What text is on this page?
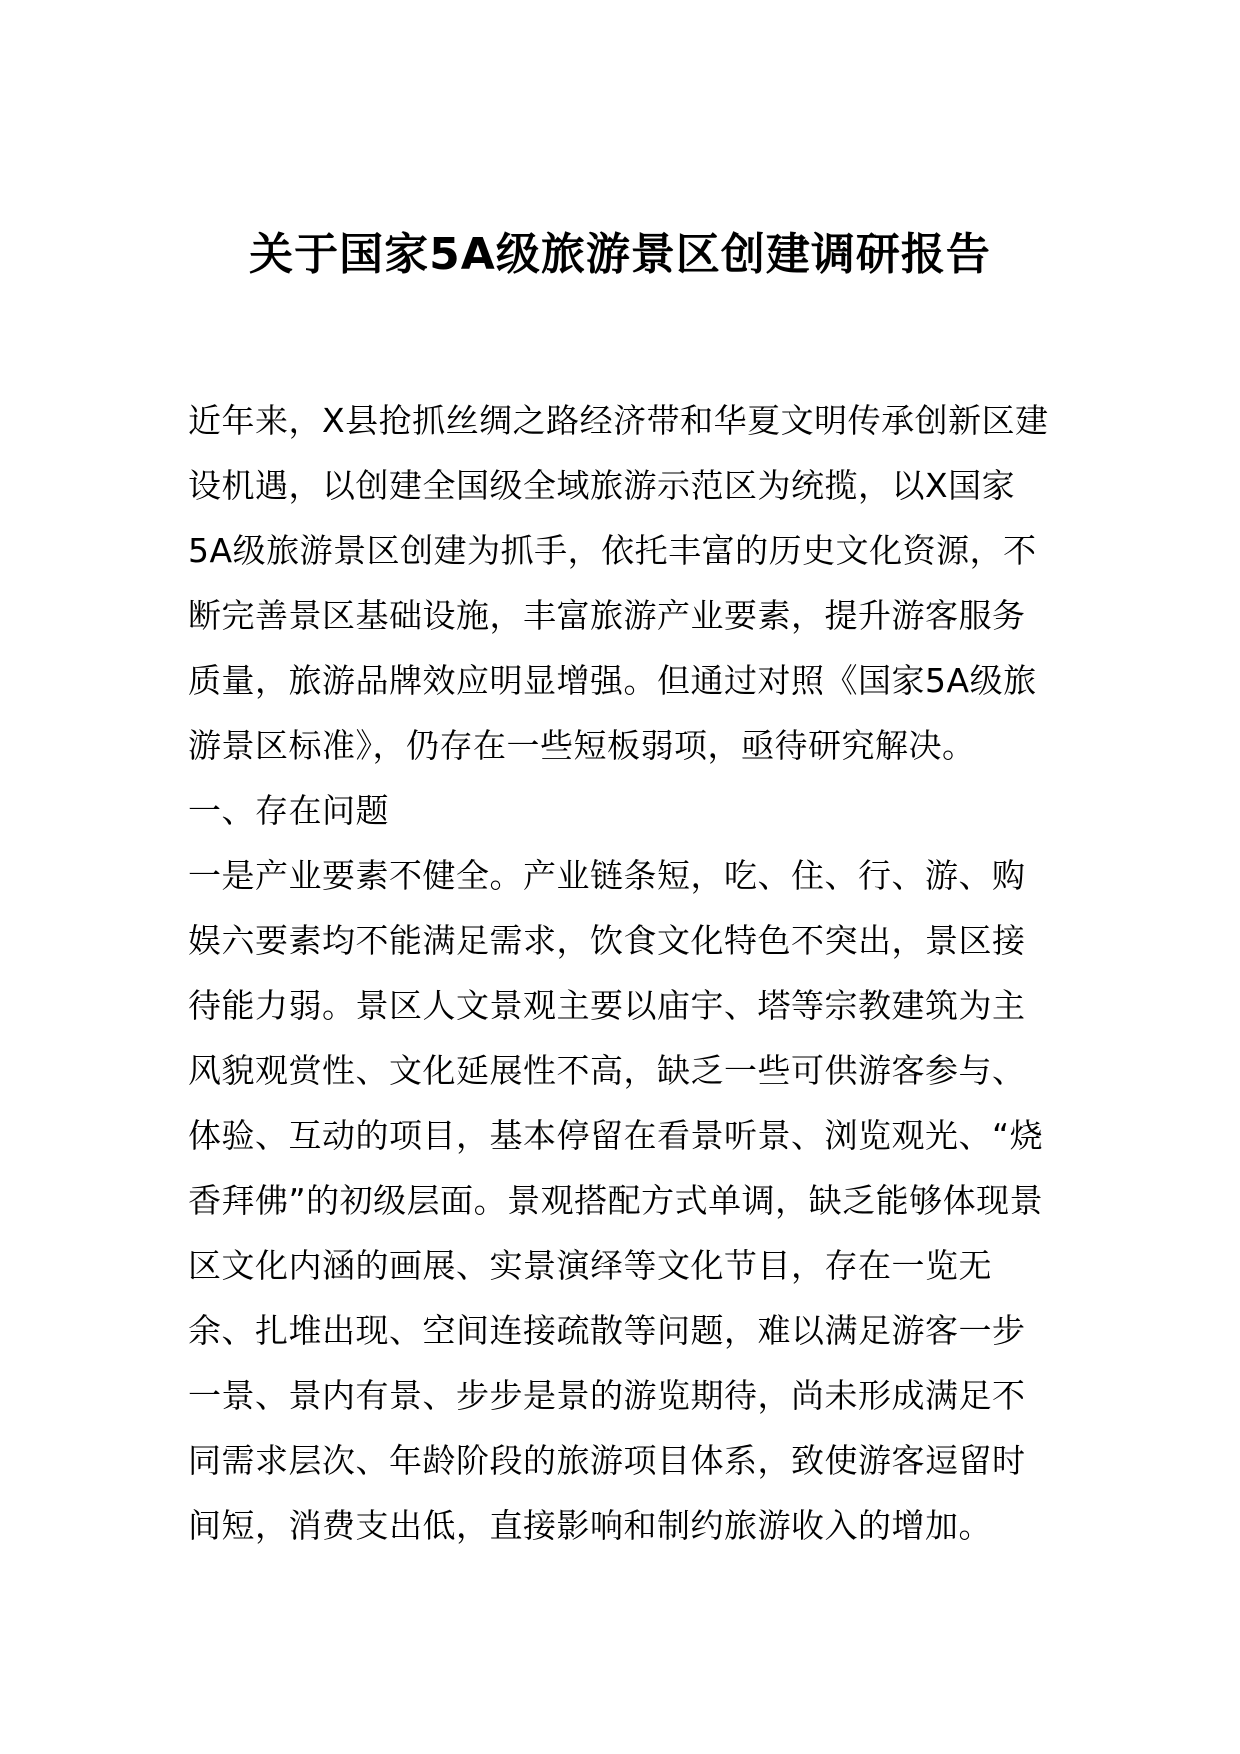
关于国家5A级旅游景区创建调研报告

近年来，X县抢抓丝绸之路经济带和华夏文明传承创新区建设机遇，以创建全国级全域旅游示范区为统揽，以X国家5A级旅游景区创建为抓手，依托丰富的历史文化资源，不断完善景区基础设施，丰富旅游产业要素，提升游客服务质量，旅游品牌效应明显增强。但通过对照《国家5A级旅游景区标准》，仍存在一些短板弱项，亟待研究解决。

一、存在问题

一是产业要素不健全。产业链条短，吃、住、行、游、购娱六要素均不能满足需求，饮食文化特色不突出，景区接待能力弱。景区人文景观主要以庙宇、塔等宗教建筑为主风貌观赏性、文化延展性不高，缺乏一些可供游客参与、体验、互动的项目，基本停留在看景听景、浏览观光、“烧香拜佛”的初级层面。景观搭配方式单调，缺乏能够体现景区文化内涵的画展、实景演绎等文化节目，存在一览无余、扎堆出现、空间连接疏散等问题，难以满足游客一步一景、景内有景、步步是景的游览期待，尚未形成满足不同需求层次、年龄阶段的旅游项目体系，致使游客逗留时间短，消费支出低，直接影响和制约旅游收入的增加。
